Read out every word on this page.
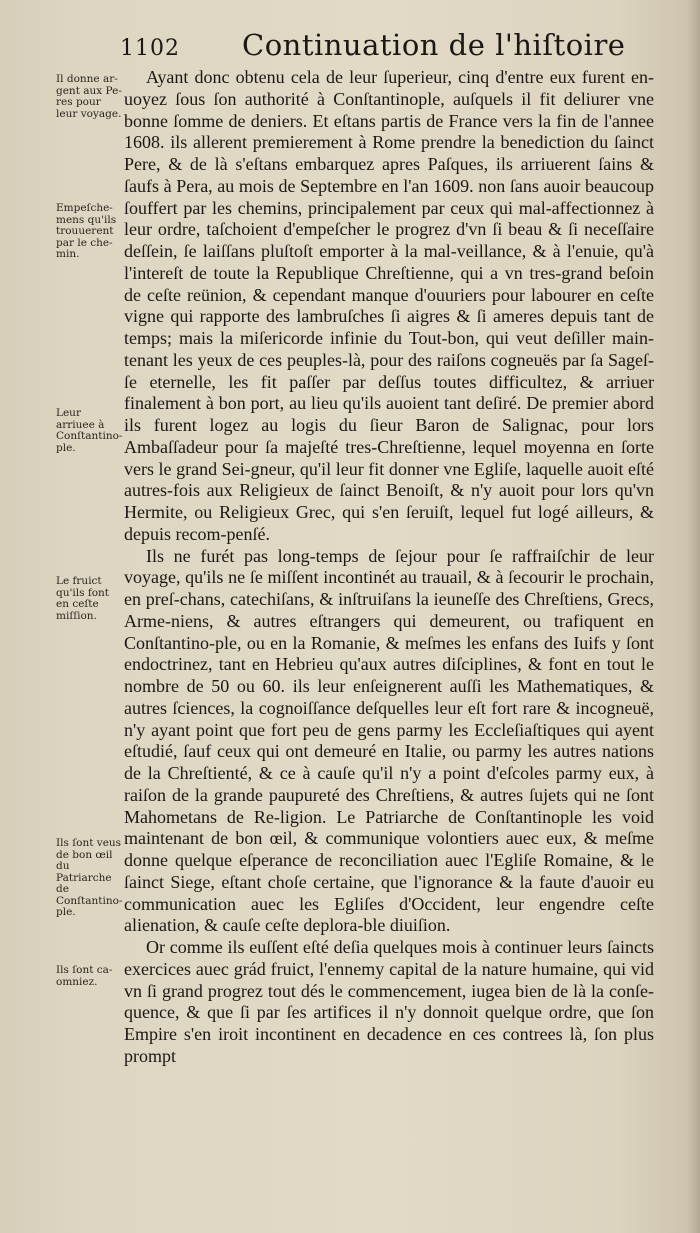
1102 Continuation de l'hiſtoire
Il donne ar-gent aux Pe-res pour leur voyage.
Empeſche-mens qu'ils trouuerent par le che-min.
Leur arriuee à Conſtantino-ple.
Le fruict qu'ils font en ceſte miſſion.
Ils ſont veus de bon œil du Patriarche de Conſtantino-ple.
Ils ſont ca-omniez.

Ayant donc obtenu cela de leur ſuperieur, cinq d'entre eux furent en-uoyez ſous ſon authorité à Conſtantinople, auſquels il fit deliurer vne bonne ſomme de deniers. Et eſtans partis de France vers la fin de l'annee 1608. ils allerent premierement à Rome prendre la benediction du ſainct Pere, & de là s'eſtans embarquez apres Paſques, ils arriuerent ſains & ſaufs à Pera, au mois de Septembre en l'an 1609. non ſans auoir beaucoup ſouffert par les chemins, principalement par ceux qui mal-affectionnez à leur ordre, taſchoient d'empeſcher le progrez d'vn ſi beau & ſi neceſſaire deſſein, ſe laiſſans pluſtoſt emporter à la mal-veillance, & à l'enuie, qu'à l'intereſt de toute la Republique Chreſtienne, qui a vn tres-grand beſoin de ceſte reünion, & cependant manque d'ouuriers pour labourer en ceſte vigne qui rapporte des lambruſches ſi aigres & ſi ameres depuis tant de temps; mais la miſericorde infinie du Tout-bon, qui veut deſiller main-tenant les yeux de ces peuples-là, pour des raiſons cogneuës par ſa Sageſ-ſe eternelle, les fit paſſer par deſſus toutes difficultez, & arriuer finalement à bon port, au lieu qu'ils auoient tant deſiré. De premier abord ils furent logez au logis du ſieur Baron de Salignac, pour lors Ambaſſadeur pour ſa majeſté tres-Chreſtienne, lequel moyenna en ſorte vers le grand Sei-gneur, qu'il leur fit donner vne Egliſe, laquelle auoit eſté autres-fois aux Religieux de ſainct Benoiſt, & n'y auoit pour lors qu'vn Hermite, ou Religieux Grec, qui s'en ſeruiſt, lequel fut logé ailleurs, & depuis recom-penſé.

Ils ne furét pas long-temps de ſejour pour ſe raffraiſchir de leur voyage, qu'ils ne ſe miſſent incontinét au trauail, & à ſecourir le prochain, en preſ-chans, catechiſans, & inſtruiſans la ieuneſſe des Chreſtiens, Grecs, Arme-niens, & autres eſtrangers qui demeurent, ou trafiquent en Conſtantino-ple, ou en la Romanie, & meſmes les enfans des Iuifs y ſont endoctrinez, tant en Hebrieu qu'aux autres diſciplines, & font en tout le nombre de 50 ou 60. ils leur enſeignerent auſſi les Mathematiques, & autres ſciences, la cognoiſſance deſquelles leur eſt fort rare & incogneuë, n'y ayant point que fort peu de gens parmy les Eccleſiaſtiques qui ayent eſtudié, ſauf ceux qui ont demeuré en Italie, ou parmy les autres nations de la Chreſtienté, & ce à cauſe qu'il n'y a point d'eſcoles parmy eux, à raiſon de la grande paupureté des Chreſtiens, & autres ſujets qui ne ſont Mahometans de Re-ligion. Le Patriarche de Conſtantinople les void maintenant de bon œil, & communique volontiers auec eux, & meſme donne quelque eſperance de reconciliation auec l'Egliſe Romaine, & le ſainct Siege, eſtant choſe certaine, que l'ignorance & la faute d'auoir eu communication auec les Egliſes d'Occident, leur engendre ceſte alienation, & cauſe ceſte deplora-ble diuiſion.

Or comme ils euſſent eſté deſia quelques mois à continuer leurs ſaincts exercices auec grád fruict, l'ennemy capital de la nature humaine, qui vid vn ſi grand progrez tout dés le commencement, iugea bien de là la conſe-quence, & que ſi par ſes artifices il n'y donnoit quelque ordre, que ſon Empire s'en iroit incontinent en decadence en ces contrees là, ſon plus prompt
